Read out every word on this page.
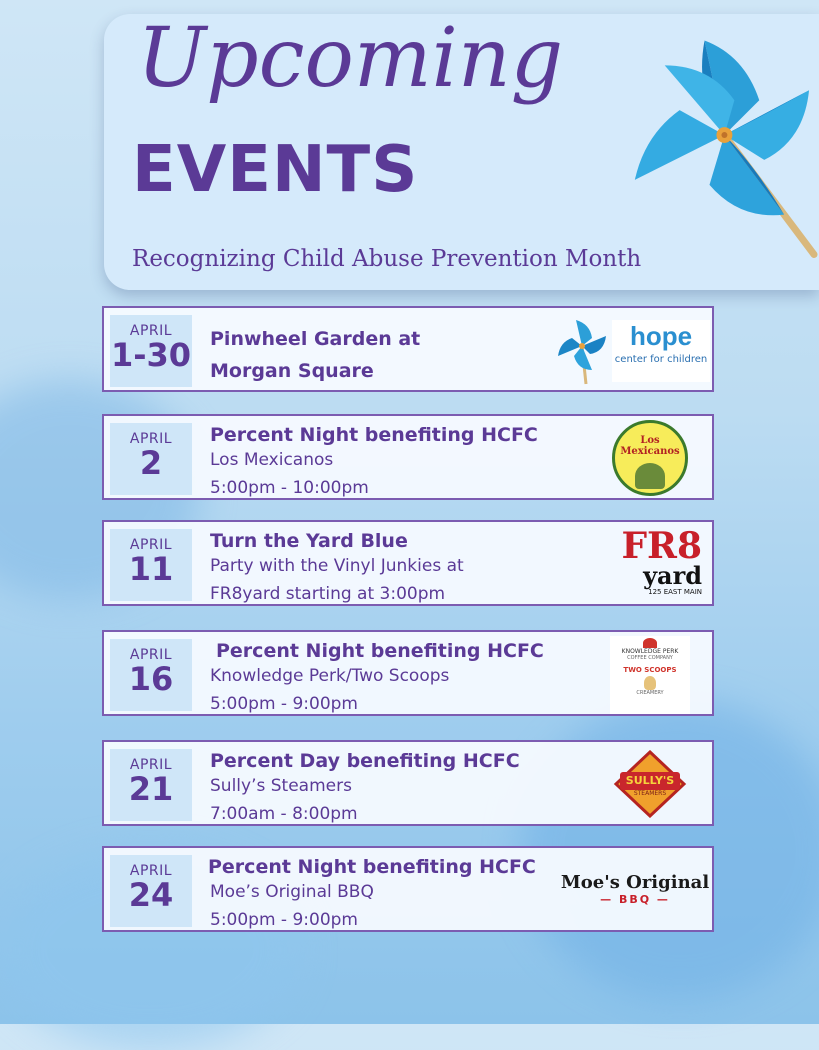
Upcoming
EVENTS
Recognizing Child Abuse Prevention Month
APRIL
1-30 Pinwheel Garden at
Morgan Square
hope
center for children
APRIL
2
Percent Night benefiting HCFC
Los Mexicanos
5:00pm - 10:00pm
Los Mexicanos
APRIL
11
Turn the Yard Blue
Party with the Vinyl Junkies at
FR8yard starting at 3:00pm
FR8
yard
125 EAST MAIN
APRIL
16
Percent Night benefiting HCFC
Knowledge Perk/Two Scoops
5:00pm - 9:00pm
KNOWLEDGE PERK
COFFEE COMPANY
TWO SCOOPS
CREAMERY
APRIL
21
Percent Day benefiting HCFC
Sully’s Steamers
7:00am - 8:00pm
SULLY'S
STEAMERS
APRIL
24
Percent Night benefiting HCFC
Moe’s Original BBQ
5:00pm - 9:00pm
Moe's Original
— BBQ —
